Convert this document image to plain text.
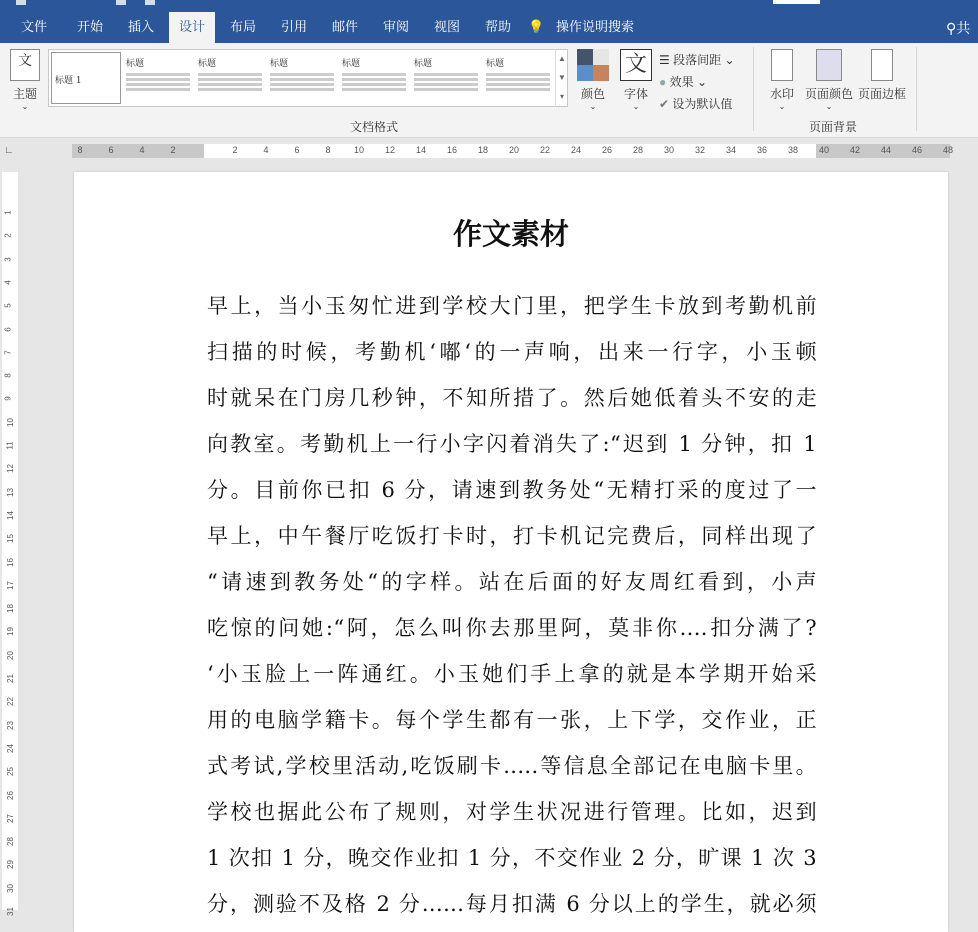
💡 操作说明搜索	⚲共
文件	开始	插入	设计	布局	引用	邮件	审阅	视图	帮助
文
主题
⌄
标题 1
标题	标题	标题	标题	标题	标题
▲
▼
▾
文档格式
颜色
⌄
文
字体
⌄
☰ 段落间距 ⌄
● 效果 ⌄
✔ 设为默认值
水印
⌄
页面颜色
⌄
页面边框
页面背景
∟	8	6	4	2	2	4	6	8	10 12 14 16 18 20 22 24 26 28 30 32 34 36 38 40 42 44 46 48
1
2
3
4
5
6
7
8
9
10
11
12
13
14
15
16
17
18
19
20
21
22
23
24
25
26
27
28
29
30
31
作文素材
早上，当小玉匆忙进到学校大门里，把学生卡放到考勤机前
扫描的时候，考勤机‘嘟‘的一声响，出来一行字，小玉顿
时就呆在门房几秒钟，不知所措了。然后她低着头不安的走
向教室。考勤机上一行小字闪着消失了:“迟到 1 分钟，扣 1
分。目前你已扣 6 分，请速到教务处“无精打采的度过了一
早上，中午餐厅吃饭打卡时，打卡机记完费后，同样出现了
“请速到教务处“的字样。站在后面的好友周红看到，小声
吃惊的问她:“阿，怎么叫你去那里阿，莫非你....扣分满了?
‘小玉脸上一阵通红。小玉她们手上拿的就是本学期开始采
用的电脑学籍卡。每个学生都有一张，上下学，交作业，正
式考试,学校里活动,吃饭刷卡.....等信息全部记在电脑卡里。
学校也据此公布了规则，对学生状况进行管理。比如，迟到
1 次扣 1 分，晚交作业扣 1 分，不交作业 2 分，旷课 1 次 3
分，测验不及格 2 分......每月扣满 6 分以上的学生，就必须
